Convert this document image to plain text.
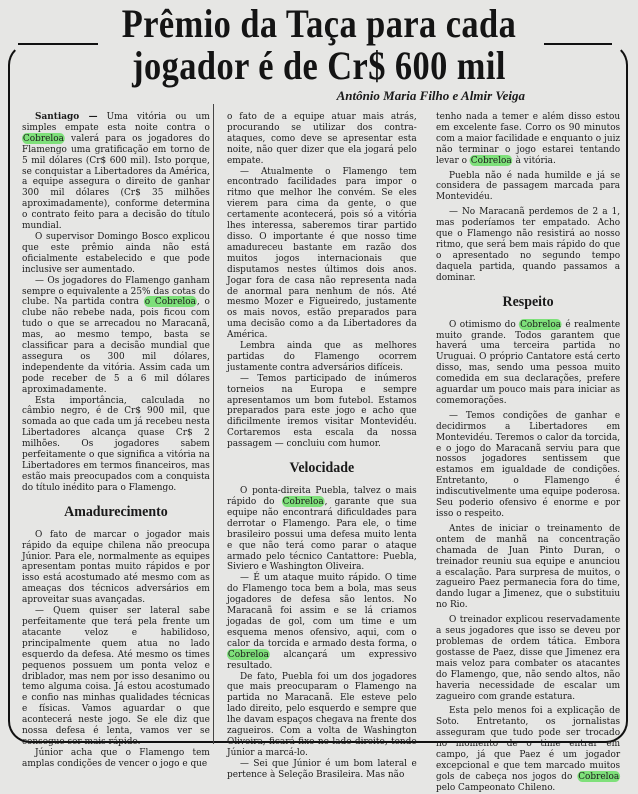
Prêmio da Taça para cada
jogador é de Cr$ 600 mil
Antônio Maria Filho e Almir Veiga

Santiago — Uma vitória ou um simples empate esta noite contra o Cobreloa valerá para os jogadores do Flamengo uma gratificação em torno de 5 mil dólares (Cr$ 600 mil). Isto porque, se conquistar a Libertadores da América, a equipe assegura o direito de ganhar 300 mil dólares (Cr$ 35 milhões aproximadamente), conforme determina o contrato feito para a decisão do título mundial.

O supervisor Domingo Bosco explicou que este prêmio ainda não está oficialmente estabelecido e que pode inclusive ser aumentado.

— Os jogadores do Flamengo ganham sempre o equivalente a 25% das cotas do clube. Na partida contra o Cobreloa, o clube não rebebe nada, pois ficou com tudo o que se arrecadou no Maracanã, mas, ao mesmo tempo, basta se classificar para a decisão mundial que assegura os 300 mil dólares, independente da vitória. Assim cada um pode receber de 5 a 6 mil dólares aproximadamente.

Esta importância, calculada no câmbio negro, é de Cr$ 900 mil, que somada ao que cada um já recebeu nesta Libertadores alcança quase Cr$ 2 milhões. Os jogadores sabem perfeitamente o que significa a vitória na Libertadores em termos financeiros, mas estão mais preocupados com a conquista do título inédito para o Flamengo.

Amadurecimento

O fato de marcar o jogador mais rápido da equipe chilena não preocupa Júnior. Para ele, normalmente as equipes apresentam pontas muito rápidos e por isso está acostumado até mesmo com as ameaças dos técnicos adversários em aproveitar suas avançadas.

— Quem quiser ser lateral sabe perfeitamente que terá pela frente um atacante veloz e habilidoso, principalmente quem atua no lado esquerdo da defesa. Até mesmo os times pequenos possuem um ponta veloz e driblador, mas nem por isso desanimo ou temo alguma coisa. Já estou acostumado e confio nas minhas qualidades técnicas e físicas. Vamos aguardar o que acontecerá neste jogo. Se ele diz que nossa defesa é lenta, vamos ver se consegue ser mais rápido.

Júnior acha que o Flamengo tem amplas condições de vencer o jogo e que

o fato de a equipe atuar mais atrás, procurando se utilizar dos contra-ataques, como deve se apresentar esta noite, não quer dizer que ela jogará pelo empate.

— Atualmente o Flamengo tem encontrado facilidades para impor o ritmo que melhor lhe convém. Se eles vierem para cima da gente, o que certamente acontecerá, pois só a vitória lhes interessa, saberemos tirar partido disso. O importante é que nosso time amadureceu bastante em razão dos muitos jogos internacionais que disputamos nestes últimos dois anos. Jogar fora de casa não representa nada de anormal para nenhum de nós. Até mesmo Mozer e Figueiredo, justamente os mais novos, estão preparados para uma decisão como a da Libertadores da América.

Lembra ainda que as melhores partidas do Flamengo ocorrem justamente contra adversários difíceis.

— Temos participado de inúmeros torneios na Europa e sempre apresentamos um bom futebol. Estamos preparados para este jogo e acho que dificilmente iremos visitar Montevidéu. Cortaremos esta escala da nossa passagem — concluiu com humor.

Velocidade

O ponta-direita Puebla, talvez o mais rápido do Cobreloa, garante que sua equipe não encontrará dificuldades para derrotar o Flamengo. Para ele, o time brasileiro possui uma defesa muito lenta e que não terá como parar o ataque armado pelo técnico Cantattore: Puebla, Siviero e Washington Oliveira.

— É um ataque muito rápido. O time do Flamengo toca bem a bola, mas seus jogadores de defesa são lentos. No Maracanã foi assim e se lá criamos jogadas de gol, com um time e um esquema menos ofensivo, aqui, com o calor da torcida e armado desta forma, o Cobreloa alcançará um expressivo resultado.

De fato, Puebla foi um dos jogadores que mais preocuparam o Flamengo na partida no Maracanã. Ele esteve pelo lado direito, pelo esquerdo e sempre que lhe davam espaços chegava na frente dos zagueiros. Com a volta de Washington Oliveira, ficará fixo no lado direito, tendo Júnior a marcá-lo.

— Sei que Júnior é um bom lateral e pertence à Seleção Brasileira. Mas não

tenho nada a temer e além disso estou em excelente fase. Corro os 90 minutos com a maior facilidade e enquanto o juiz não terminar o jogo estarei tentando levar o Cobreloa à vitória.

Puebla não é nada humilde e já se considera de passagem marcada para Montevidéu.

— No Maracanã perdemos de 2 a 1, mas poderíamos ter empatado. Acho que o Flamengo não resistirá ao nosso ritmo, que será bem mais rápido do que o apresentado no segundo tempo daquela partida, quando passamos a dominar.

Respeito

O otimismo do Cobreloa é realmente muito grande. Todos garantem que haverá uma terceira partida no Uruguai. O próprio Cantatore está certo disso, mas, sendo uma pessoa muito comedida em sua declarações, prefere aguardar um pouco mais para iniciar as comemorações.

— Temos condições de ganhar e decidirmos a Libertadores em Montevidéu. Teremos o calor da torcida, e o jogo do Maracanã serviu para que nossos jogadores sentissem que estamos em igualdade de condições. Entretanto, o Flamengo é indiscutivelmente uma equipe poderosa. Seu poderio ofensivo é enorme e por isso o respeito.

Antes de iniciar o treinamento de ontem de manhã na concentração chamada de Juan Pinto Duran, o treinador reuniu sua equipe e anunciou a escalação. Para surpresa de muitos, o zagueiro Paez permanecia fora do time, dando lugar a Jimenez, que o substituiu no Rio.

O treinador explicou reservadamente a seus jogadores que isso se deveu por problemas de ordem tática. Embora gostasse de Paez, disse que Jimenez era mais veloz para combater os atacantes do Flamengo, que, não sendo altos, não haveria necessidade de escalar um zagueiro com grande estatura.

Esta pelo menos foi a explicação de Soto. Entretanto, os jornalistas asseguram que tudo pode ser trocado no momento de o time entrar em campo, já que Paez é um jogador excepcional e que tem marcado muitos gols de cabeça nos jogos do Cobreloa pelo Campeonato Chileno.
